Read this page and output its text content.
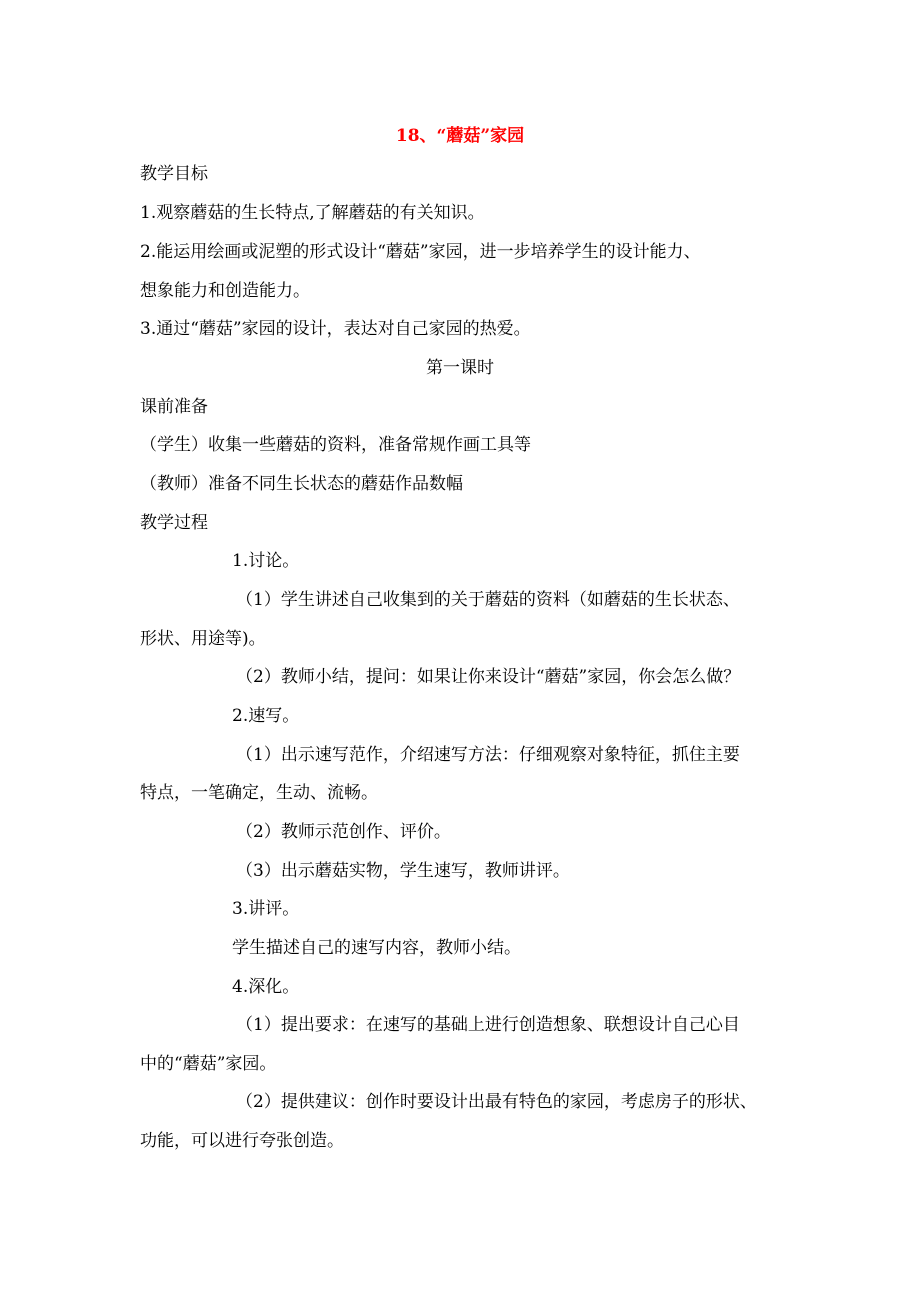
18、“蘑菇”家园
教学目标
1.观察蘑菇的生长特点,了解蘑菇的有关知识。
2.能运用绘画或泥塑的形式设计“蘑菇”家园，进一步培养学生的设计能力、
想象能力和创造能力。
3.通过“蘑菇”家园的设计，表达对自己家园的热爱。
第一课时
课前准备
（学生）收集一些蘑菇的资料，准备常规作画工具等
（教师）准备不同生长状态的蘑菇作品数幅
教学过程
1.讨论。
（1）学生讲述自己收集到的关于蘑菇的资料（如蘑菇的生长状态、
形状、用途等)。
（2）教师小结，提问：如果让你来设计“蘑菇”家园，你会怎么做？
2.速写。
（1）出示速写范作，介绍速写方法：仔细观察对象特征，抓住主要
特点，一笔确定，生动、流畅。
（2）教师示范创作、评价。
（3）出示蘑菇实物，学生速写，教师讲评。
3.讲评。
学生描述自己的速写内容，教师小结。
4.深化。
（1）提出要求：在速写的基础上进行创造想象、联想设计自己心目
中的“蘑菇”家园。
（2）提供建议：创作时要设计出最有特色的家园，考虑房子的形状、
功能，可以进行夸张创造。
